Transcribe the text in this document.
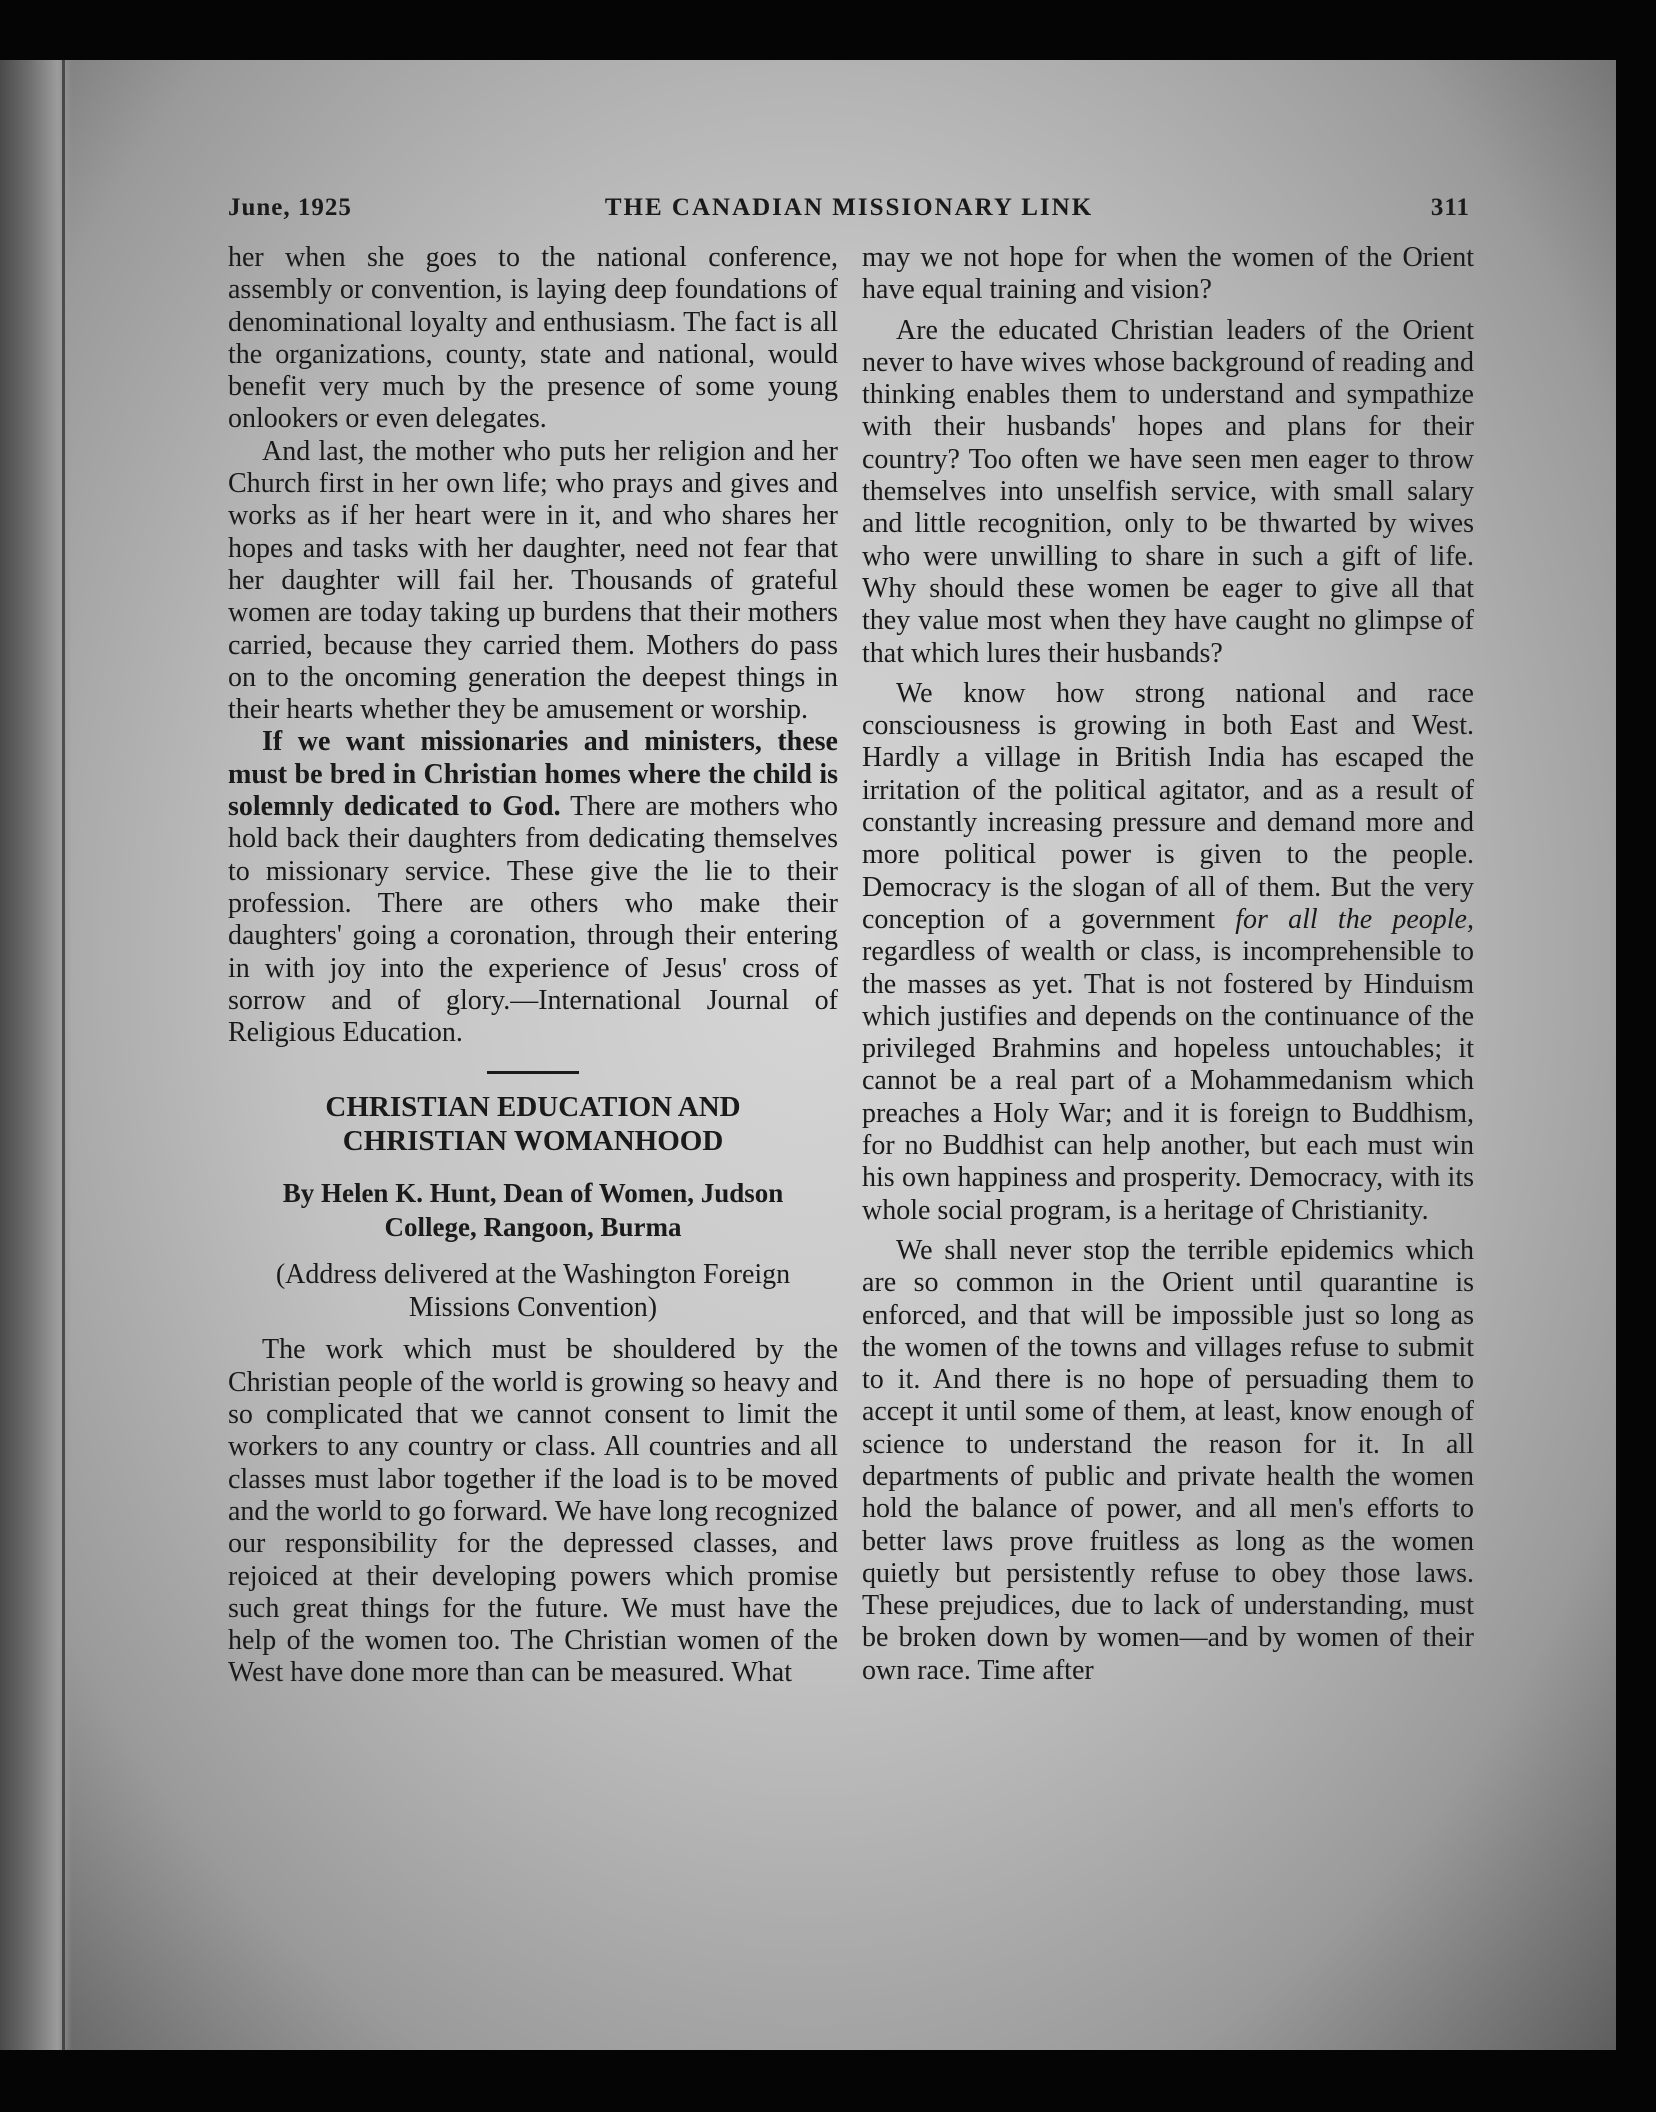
June, 1925	THE CANADIAN MISSIONARY LINK	311

her when she goes to the national conference, assembly or convention, is laying deep foundations of denominational loyalty and enthusiasm. The fact is all the organizations, county, state and national, would benefit very much by the presence of some young onlookers or even delegates.

And last, the mother who puts her religion and her Church first in her own life; who prays and gives and works as if her heart were in it, and who shares her hopes and tasks with her daughter, need not fear that her daughter will fail her. Thousands of grateful women are today taking up burdens that their mothers carried, because they carried them. Mothers do pass on to the oncoming generation the deepest things in their hearts whether they be amusement or worship.

If we want missionaries and ministers, these must be bred in Christian homes where the child is solemnly dedicated to God. There are mothers who hold back their daughters from dedicating themselves to missionary service. These give the lie to their profession. There are others who make their daughters' going a coronation, through their entering in with joy into the experience of Jesus' cross of sorrow and of glory.—International Journal of Religious Education.

CHRISTIAN EDUCATION AND
CHRISTIAN WOMANHOOD
By Helen K. Hunt, Dean of Women, Judson
College, Rangoon, Burma
(Address delivered at the Washington Foreign
Missions Convention)

The work which must be shouldered by the Christian people of the world is growing so heavy and so complicated that we cannot consent to limit the workers to any country or class. All countries and all classes must labor together if the load is to be moved and the world to go forward. We have long recognized our responsibility for the depressed classes, and rejoiced at their developing powers which promise such great things for the future. We must have the help of the women too. The Christian women of the West have done more than can be measured. What

may we not hope for when the women of the Orient have equal training and vision?

Are the educated Christian leaders of the Orient never to have wives whose background of reading and thinking enables them to understand and sympathize with their husbands' hopes and plans for their country? Too often we have seen men eager to throw themselves into unselfish service, with small salary and little recognition, only to be thwarted by wives who were unwilling to share in such a gift of life. Why should these women be eager to give all that they value most when they have caught no glimpse of that which lures their husbands?

We know how strong national and race consciousness is growing in both East and West. Hardly a village in British India has escaped the irritation of the political agitator, and as a result of constantly increasing pressure and demand more and more political power is given to the people. Democracy is the slogan of all of them. But the very conception of a government for all the people, regardless of wealth or class, is incomprehensible to the masses as yet. That is not fostered by Hinduism which justifies and depends on the continuance of the privileged Brahmins and hopeless untouchables; it cannot be a real part of a Mohammedanism which preaches a Holy War; and it is foreign to Buddhism, for no Buddhist can help another, but each must win his own happiness and prosperity. Democracy, with its whole social program, is a heritage of Christianity.

We shall never stop the terrible epidemics which are so common in the Orient until quarantine is enforced, and that will be impossible just so long as the women of the towns and villages refuse to submit to it. And there is no hope of persuading them to accept it until some of them, at least, know enough of science to understand the reason for it. In all departments of public and private health the women hold the balance of power, and all men's efforts to better laws prove fruitless as long as the women quietly but persistently refuse to obey those laws. These prejudices, due to lack of understanding, must be broken down by women—and by women of their own race. Time after
